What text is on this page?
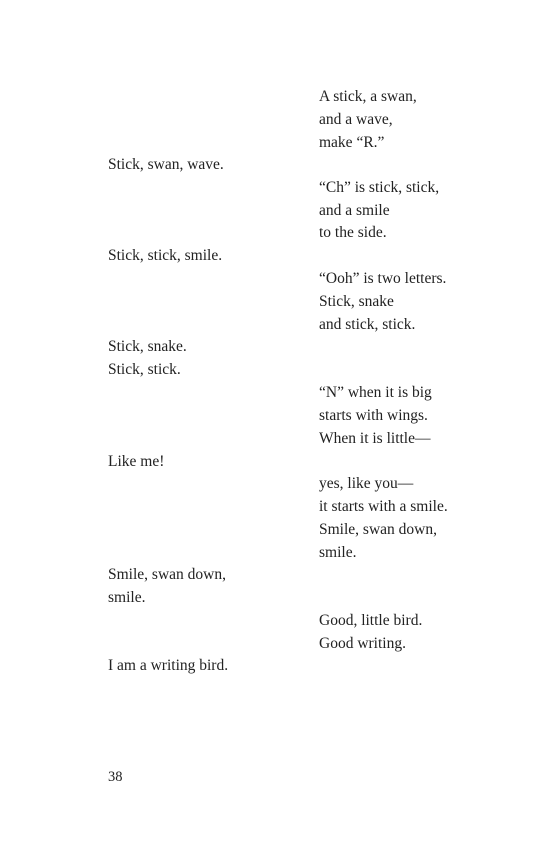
A stick, a swan,

and a wave,

make “R.”

Stick, swan, wave.

“Ch” is stick, stick,

and a smile

to the side.

Stick, stick, smile.

“Ooh” is two letters.

Stick, snake

and stick, stick.

Stick, snake.

Stick, stick.

“N” when it is big

starts with wings.

When it is little—

Like me!

yes, like you—

it starts with a smile.

Smile, swan down,

smile.

Smile, swan down,

smile.

Good, little bird.

Good writing.

I am a writing bird.

38
